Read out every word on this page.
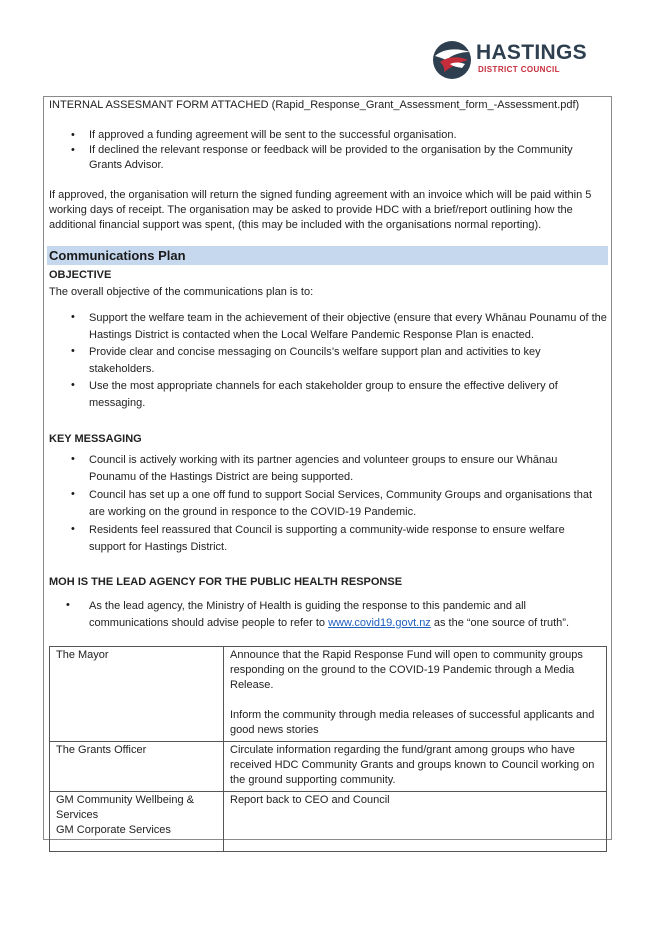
HASTINGS
DISTRICT COUNCIL
INTERNAL ASSESMANT FORM ATTACHED (Rapid_Response_Grant_Assessment_form_-Assessment.pdf)
• If approved a funding agreement will be sent to the successful organisation.
• If declined the relevant response or feedback will be provided to the organisation by the Community Grants Advisor.
If approved, the organisation will return the signed funding agreement with an invoice which will be paid within 5 working days of receipt. The organisation may be asked to provide HDC with a brief/report outlining how the additional financial support was spent, (this may be included with the organisations normal reporting).
Communications Plan
OBJECTIVE
The overall objective of the communications plan is to:
• Support the welfare team in the achievement of their objective (ensure that every Whānau Pounamu of the Hastings District is contacted when the Local Welfare Pandemic Response Plan is enacted.
• Provide clear and concise messaging on Councils’s welfare support plan and activities to key stakeholders.
• Use the most appropriate channels for each stakeholder group to ensure the effective delivery of messaging.
KEY MESSAGING
• Council is actively working with its partner agencies and volunteer groups to ensure our Whānau Pounamu of the Hastings District are being supported.
• Council has set up a one off fund to support Social Services, Community Groups and organisations that are working on the ground in responce to the COVID-19 Pandemic.
• Residents feel reassured that Council is supporting a community-wide response to ensure welfare support for Hastings District.
MOH IS THE LEAD AGENCY FOR THE PUBLIC HEALTH RESPONSE
• As the lead agency, the Ministry of Health is guiding the response to this pandemic and all communications should advise people to refer to www.covid19.govt.nz as the “one source of truth”.
The Mayor	Announce that the Rapid Response Fund will open to community groups responding on the ground to the COVID-19 Pandemic through a Media Release.
Inform the community through media releases of successful applicants and good news stories

The Grants Officer	Circulate information regarding the fund/grant among groups who have received HDC Community Grants and groups known to Council working on the ground supporting community.

GM Community Wellbeing & Services
GM Corporate Services	Report back to CEO and Council
